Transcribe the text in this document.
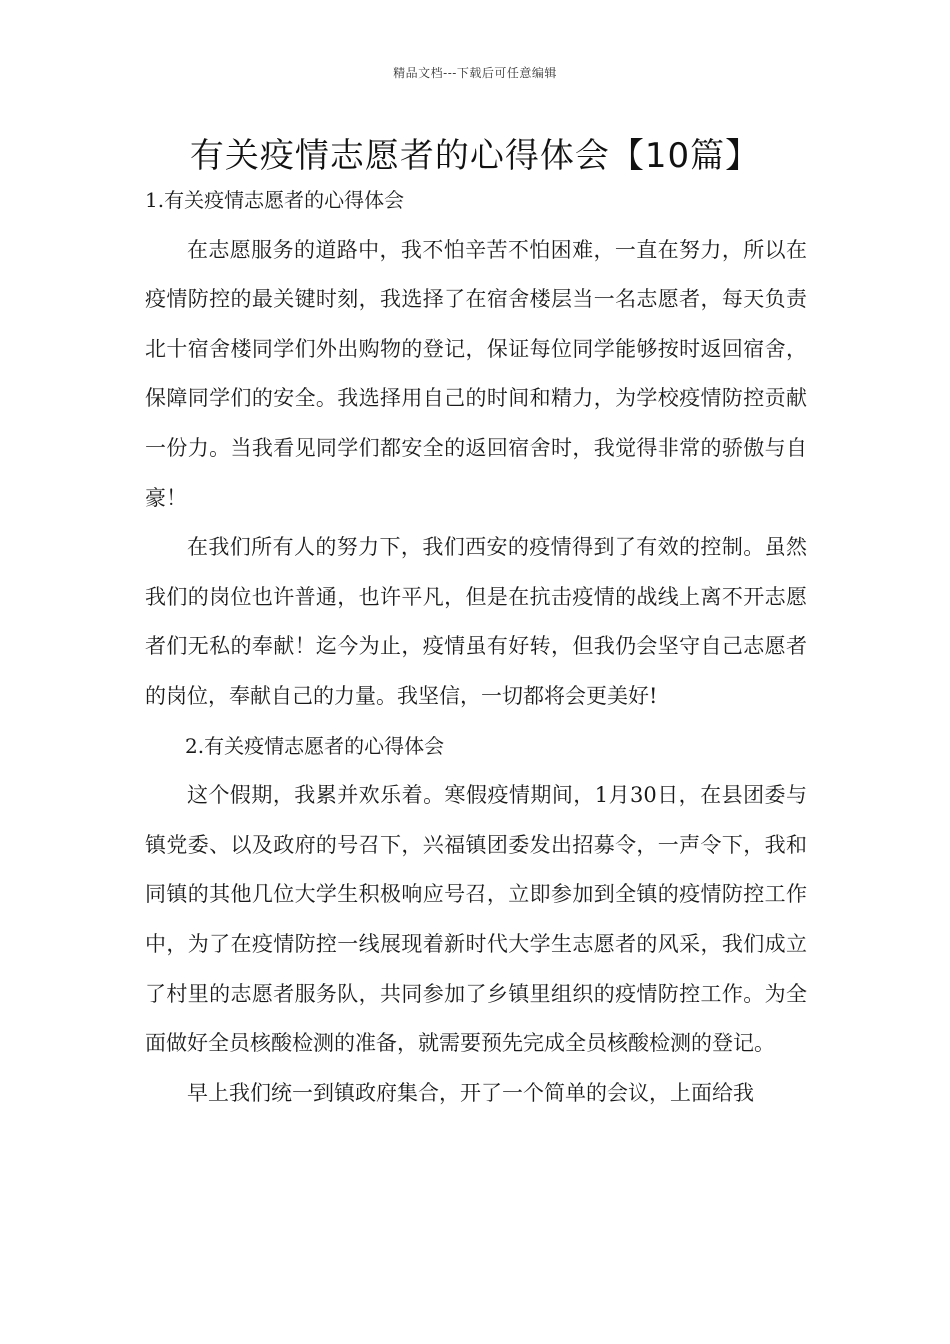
精品文档---下载后可任意编辑
有关疫情志愿者的心得体会【10篇】

1.有关疫情志愿者的心得体会

在志愿服务的道路中，我不怕辛苦不怕困难，一直在努力，所以在疫情防控的最关键时刻，我选择了在宿舍楼层当一名志愿者，每天负责北十宿舍楼同学们外出购物的登记，保证每位同学能够按时返回宿舍，保障同学们的安全。我选择用自己的时间和精力，为学校疫情防控贡献一份力。当我看见同学们都安全的返回宿舍时，我觉得非常的骄傲与自豪！

在我们所有人的努力下，我们西安的疫情得到了有效的控制。虽然我们的岗位也许普通，也许平凡，但是在抗击疫情的战线上离不开志愿者们无私的奉献！迄今为止，疫情虽有好转，但我仍会坚守自己志愿者的岗位，奉献自己的力量。我坚信，一切都将会更美好!

2.有关疫情志愿者的心得体会

这个假期，我累并欢乐着。寒假疫情期间，1月30日，在县团委与镇党委、以及政府的号召下，兴福镇团委发出招募令，一声令下，我和同镇的其他几位大学生积极响应号召，立即参加到全镇的疫情防控工作中，为了在疫情防控一线展现着新时代大学生志愿者的风采，我们成立了村里的志愿者服务队，共同参加了乡镇里组织的疫情防控工作。为全面做好全员核酸检测的准备，就需要预先完成全员核酸检测的登记。

早上我们统一到镇政府集合，开了一个简单的会议，上面给我
